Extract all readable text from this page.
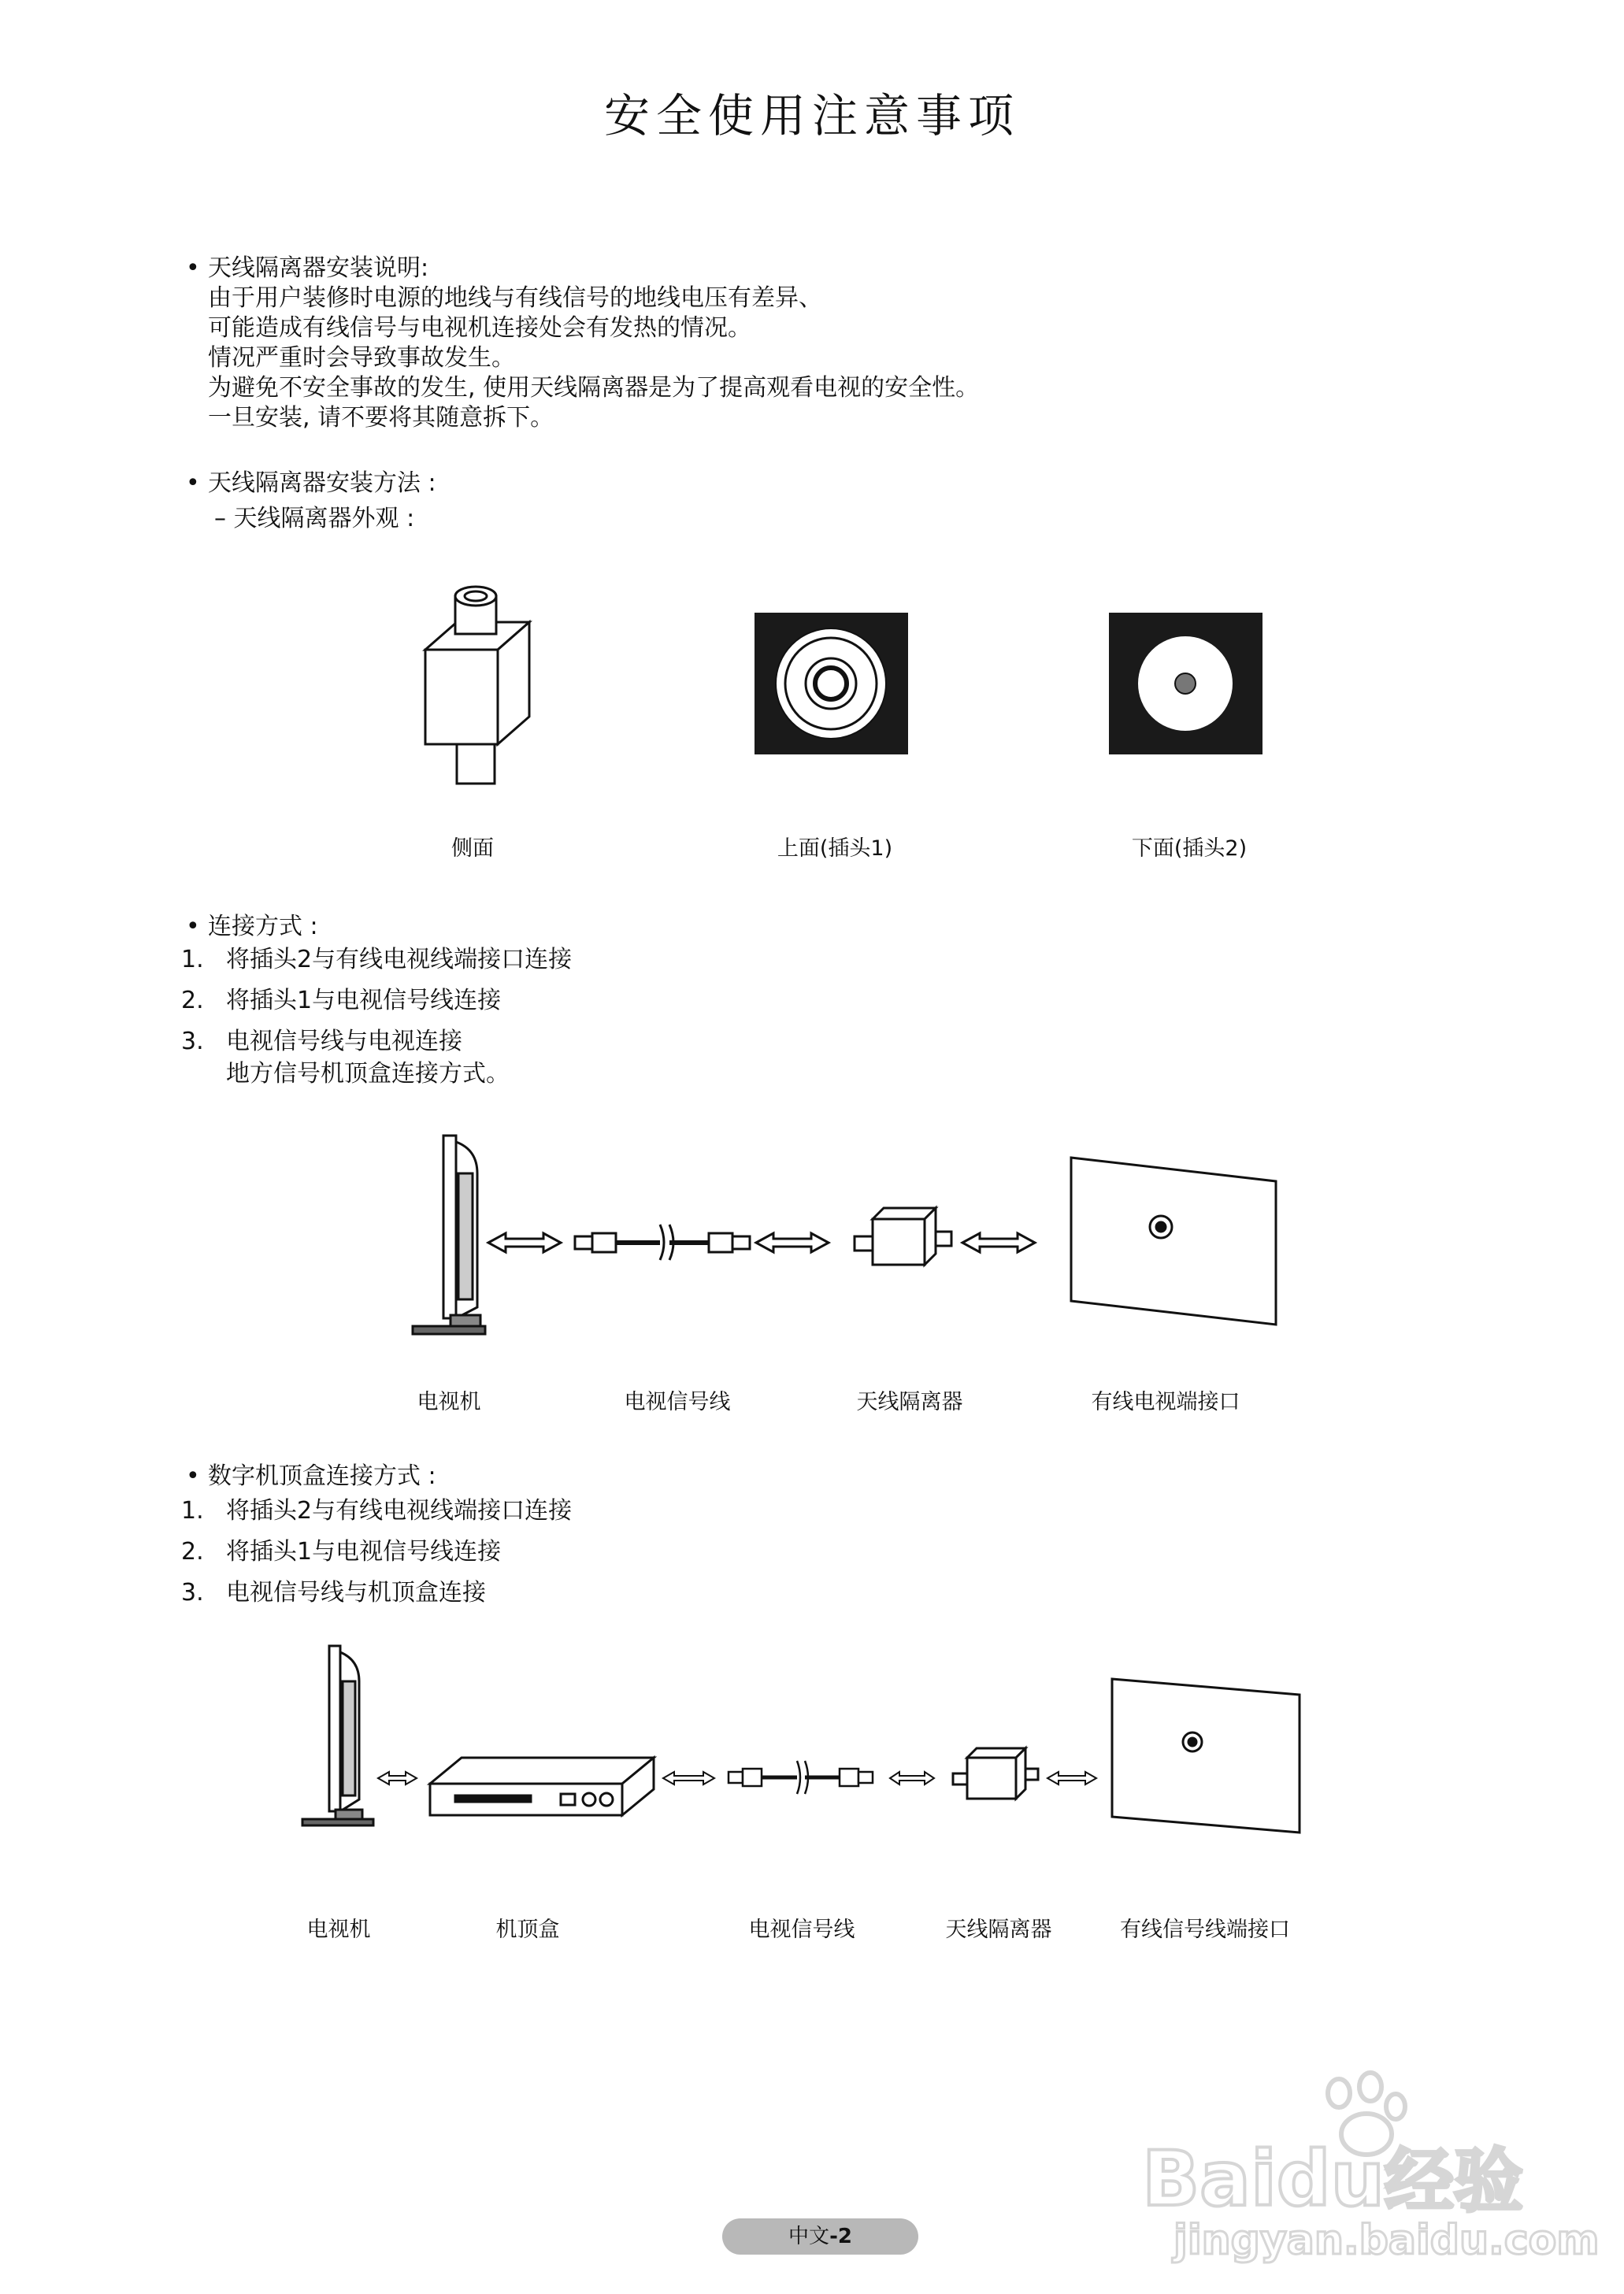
安全使用注意事项
• 天线隔离器安装说明:
由于用户装修时电源的地线与有线信号的地线电压有差异、
可能造成有线信号与电视机连接处会有发热的情况。
情况严重时会导致事故发生。
为避免不安全事故的发生, 使用天线隔离器是为了提高观看电视的安全性。
一旦安装, 请不要将其随意拆下。
• 天线隔离器安装方法 :
– 天线隔离器外观 :
侧面	上面(插头1)	下面(插头2)
• 连接方式 :
1. 将插头2与有线电视线端接口连接
2. 将插头1与电视信号线连接
3. 电视信号线与电视连接
地方信号机顶盒连接方式。
电视机	电视信号线	天线隔离器	有线电视端接口
• 数字机顶盒连接方式 :
1. 将插头2与有线电视线端接口连接
2. 将插头1与电视信号线连接
3. 电视信号线与机顶盒连接
电视机	机顶盒	电视信号线	天线隔离器	有线信号线端接口
Baidu经验
jingyan.baidu.com
中文-2
